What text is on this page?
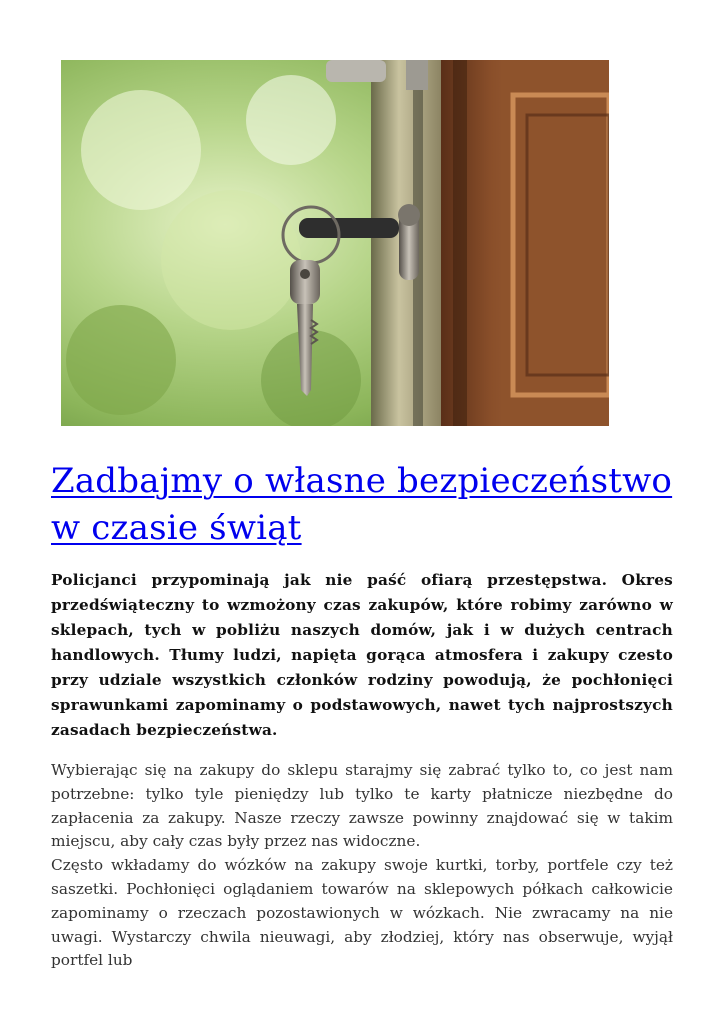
Zadbajmy o własne bezpieczeństwo w czasie świąt

Policjanci przypominają jak nie paść ofiarą przestępstwa. Okres przedświąteczny to wzmożony czas zakupów, które robimy zarówno w sklepach, tych w pobliżu naszych domów, jak i w dużych centrach handlowych. Tłumy ludzi, napięta gorąca atmosfera i zakupy czesto przy udziale wszystkich członków rodziny powodują, że pochłonięci sprawunkami zapominamy o podstawowych, nawet tych najprostszych zasadach bezpieczeństwa.

Wybierając się na zakupy do sklepu starajmy się zabrać tylko to, co jest nam potrzebne: tylko tyle pieniędzy lub tylko te karty płatnicze niezbędne do zapłacenia za zakupy. Nasze rzeczy zawsze powinny znajdować się w takim miejscu, aby cały czas były przez nas widoczne.

Często wkładamy do wózków na zakupy swoje kurtki, torby, portfele czy też saszetki. Pochłonięci oglądaniem towarów na sklepowych półkach całkowicie zapominamy o rzeczach pozostawionych w wózkach. Nie zwracamy na nie uwagi. Wystarczy chwila nieuwagi, aby złodziej, który nas obserwuje, wyjął portfel lub
